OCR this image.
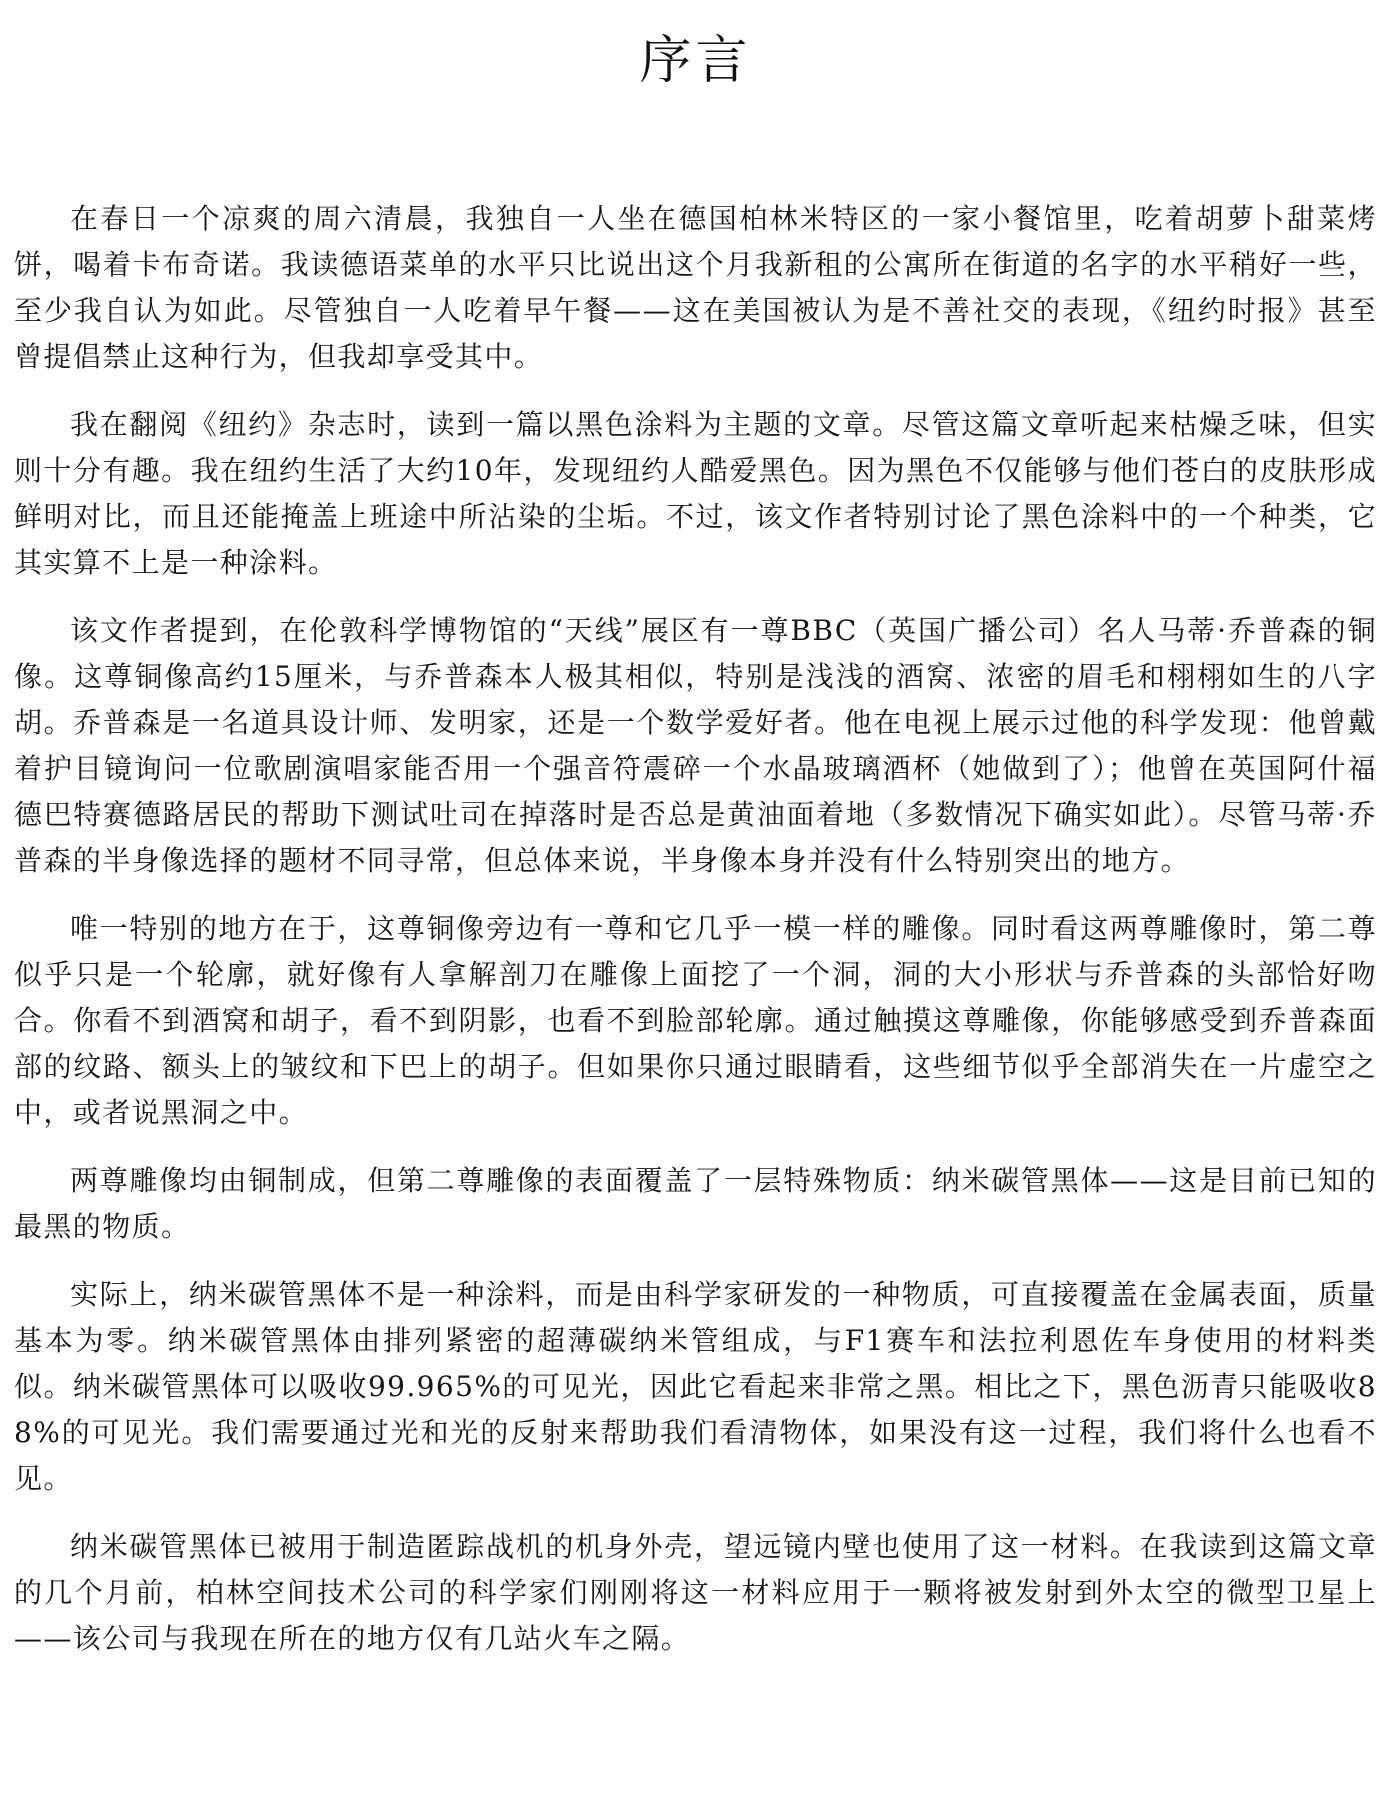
序言

在春日一个凉爽的周六清晨，我独自一人坐在德国柏林米特区的一家小餐馆里，吃着胡萝卜甜菜烤饼，喝着卡布奇诺。我读德语菜单的水平只比说出这个月我新租的公寓所在街道的名字的水平稍好一些，至少我自认为如此。尽管独自一人吃着早午餐——这在美国被认为是不善社交的表现，《纽约时报》甚至曾提倡禁止这种行为，但我却享受其中。

我在翻阅《纽约》杂志时，读到一篇以黑色涂料为主题的文章。尽管这篇文章听起来枯燥乏味，但实则十分有趣。我在纽约生活了大约10年，发现纽约人酷爱黑色。因为黑色不仅能够与他们苍白的皮肤形成鲜明对比，而且还能掩盖上班途中所沾染的尘垢。不过，该文作者特别讨论了黑色涂料中的一个种类，它其实算不上是一种涂料。

该文作者提到，在伦敦科学博物馆的“天线”展区有一尊BBC（英国广播公司）名人马蒂·乔普森的铜像。这尊铜像高约15厘米，与乔普森本人极其相似，特别是浅浅的酒窝、浓密的眉毛和栩栩如生的八字胡。乔普森是一名道具设计师、发明家，还是一个数学爱好者。他在电视上展示过他的科学发现：他曾戴着护目镜询问一位歌剧演唱家能否用一个强音符震碎一个水晶玻璃酒杯（她做到了）；他曾在英国阿什福德巴特赛德路居民的帮助下测试吐司在掉落时是否总是黄油面着地（多数情况下确实如此）。尽管马蒂·乔普森的半身像选择的题材不同寻常，但总体来说，半身像本身并没有什么特别突出的地方。

唯一特别的地方在于，这尊铜像旁边有一尊和它几乎一模一样的雕像。同时看这两尊雕像时，第二尊似乎只是一个轮廓，就好像有人拿解剖刀在雕像上面挖了一个洞，洞的大小形状与乔普森的头部恰好吻合。你看不到酒窝和胡子，看不到阴影，也看不到脸部轮廓。通过触摸这尊雕像，你能够感受到乔普森面部的纹路、额头上的皱纹和下巴上的胡子。但如果你只通过眼睛看，这些细节似乎全部消失在一片虚空之中，或者说黑洞之中。

两尊雕像均由铜制成，但第二尊雕像的表面覆盖了一层特殊物质：纳米碳管黑体——这是目前已知的最黑的物质。

实际上，纳米碳管黑体不是一种涂料，而是由科学家研发的一种物质，可直接覆盖在金属表面，质量基本为零。纳米碳管黑体由排列紧密的超薄碳纳米管组成，与F1赛车和法拉利恩佐车身使用的材料类似。纳米碳管黑体可以吸收99.965%的可见光，因此它看起来非常之黑。相比之下，黑色沥青只能吸收88%的可见光。我们需要通过光和光的反射来帮助我们看清物体，如果没有这一过程，我们将什么也看不见。

纳米碳管黑体已被用于制造匿踪战机的机身外壳，望远镜内壁也使用了这一材料。在我读到这篇文章的几个月前，柏林空间技术公司的科学家们刚刚将这一材料应用于一颗将被发射到外太空的微型卫星上——该公司与我现在所在的地方仅有几站火车之隔。
